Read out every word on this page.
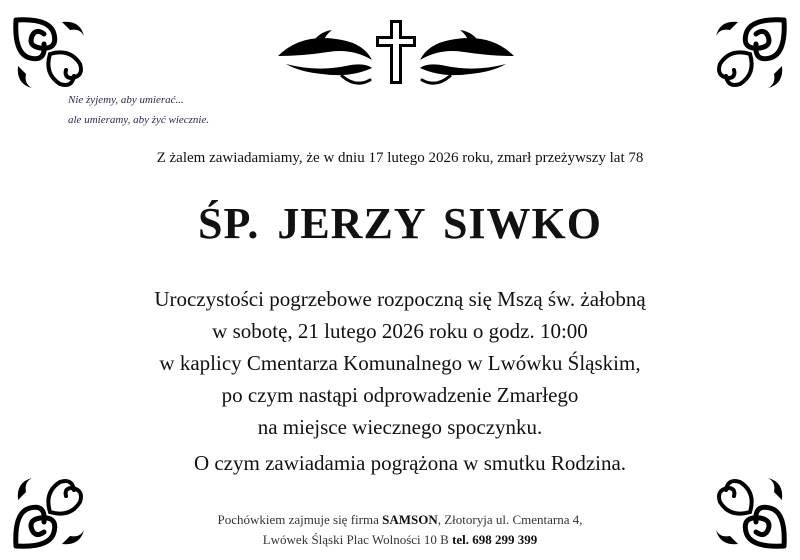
Nie żyjemy, aby umierać...
ale umieramy, aby żyć wiecznie.
Z żalem zawiadamiamy, że w dniu 17 lutego 2026 roku, zmarł przeżywszy lat 78
ŚP. JERZY SIWKO
Uroczystości pogrzebowe rozpoczną się Mszą św. żałobną
w sobotę, 21 lutego 2026 roku o godz. 10:00
w kaplicy Cmentarza Komunalnego w Lwówku Śląskim,
po czym nastąpi odprowadzenie Zmarłego
na miejsce wiecznego spoczynku.
O czym zawiadamia pogrążona w smutku Rodzina.
Pochówkiem zajmuje się firma SAMSON, Złotoryja ul. Cmentarna 4,
Lwówek Śląski Plac Wolności 10 B tel. 698 299 399
